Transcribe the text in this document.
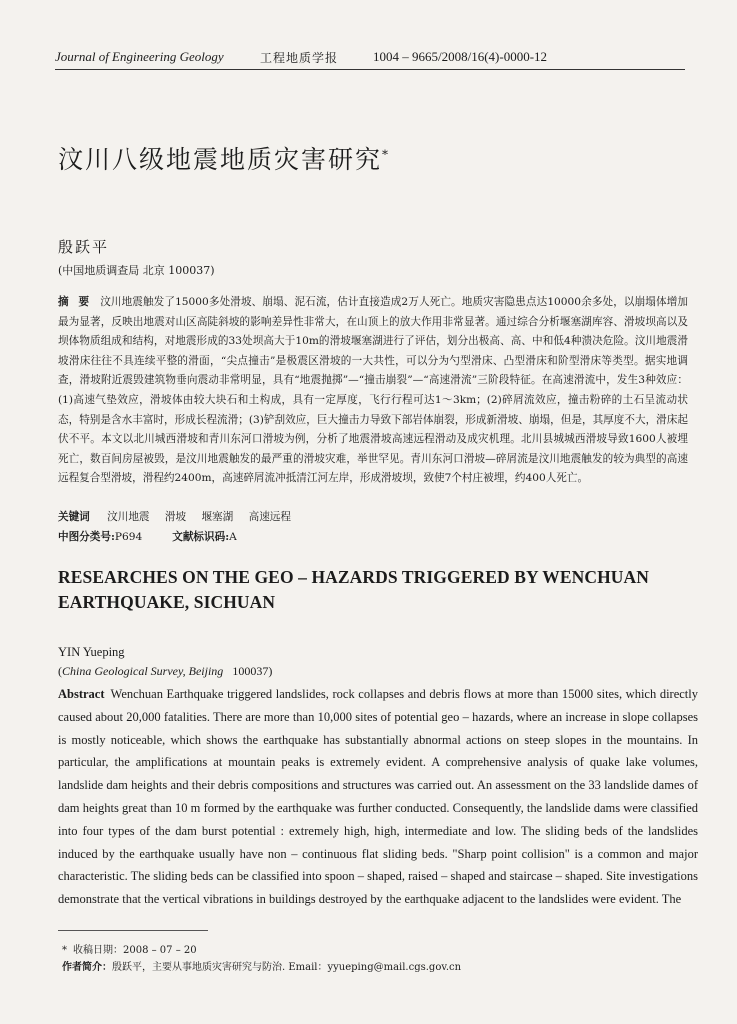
Journal of Engineering Geology	工程地质学报	1004 – 9665/2008/16(4)-0000-12
汶川八级地震地质灾害研究*
殷跃平
(中国地质调查局 北京 100037)
摘 要 汶川地震触发了15000多处滑坡、崩塌、泥石流，估计直接造成2万人死亡。地质灾害隐患点达10000余多处，以崩塌体增加最为显著，反映出地震对山区高陡斜坡的影响差异性非常大，在山顶上的放大作用非常显著。通过综合分析堰塞湖库容、滑坡坝高以及坝体物质组成和结构，对地震形成的33处坝高大于10m的滑坡堰塞湖进行了评估，划分出极高、高、中和低4种溃决危险。汶川地震滑坡滑床往往不具连续平整的滑面，“尖点撞击”是极震区滑坡的一大共性，可以分为勺型滑床、凸型滑床和阶型滑床等类型。据实地调查，滑坡附近震毁建筑物垂向震动非常明显，具有“地震抛掷”—“撞击崩裂”—“高速滑流”三阶段特征。在高速滑流中，发生3种效应：(1)高速气垫效应，滑坡体由较大块石和土构成，具有一定厚度，飞行行程可达1～3km；(2)碎屑流效应，撞击粉碎的土石呈流动状态，特别是含水丰富时，形成长程流滑；(3)铲刮效应，巨大撞击力导致下部岩体崩裂，形成新滑坡、崩塌，但是，其厚度不大，滑床起伏不平。本文以北川城西滑坡和青川东河口滑坡为例，分析了地震滑坡高速远程滑动及成灾机理。北川县城城西滑坡导致1600人被埋死亡，数百间房屋被毁，是汶川地震触发的最严重的滑坡灾难，举世罕见。青川东河口滑坡—碎屑流是汶川地震触发的较为典型的高速远程复合型滑坡，滑程约2400m，高速碎屑流冲抵清江河左岸，形成滑坡坝，致使7个村庄被埋，约400人死亡。
关键词 汶川地震 滑坡 堰塞湖 高速远程
中图分类号:P694	文献标识码:A
RESEARCHES ON THE GEO – HAZARDS TRIGGERED BY WENCHUAN EARTHQUAKE, SICHUAN
YIN Yueping
(China Geological Survey, Beijing 100037)
Abstract Wenchuan Earthquake triggered landslides, rock collapses and debris flows at more than 15000 sites, which directly caused about 20,000 fatalities. There are more than 10,000 sites of potential geo – hazards, where an increase in slope collapses is mostly noticeable, which shows the earthquake has substantially abnormal actions on steep slopes in the mountains. In particular, the amplifications at mountain peaks is extremely evident. A comprehensive analysis of quake lake volumes, landslide dam heights and their debris compositions and structures was carried out. An assessment on the 33 landslide dames of dam heights great than 10 m formed by the earthquake was further conducted. Consequently, the landslide dams were classified into four types of the dam burst potential : extremely high, high, intermediate and low. The sliding beds of the landslides induced by the earthquake usually have non – continuous flat sliding beds. "Sharp point collision" is a common and major characteristic. The sliding beds can be classified into spoon – shaped, raised – shaped and staircase – shaped. Site investigations demonstrate that the vertical vibrations in buildings destroyed by the earthquake adjacent to the landslides were evident. The
* 收稿日期：2008 – 07 – 20
作者简介：殷跃平，主要从事地质灾害研究与防治. Email：yyueping@mail.cgs.gov.cn
